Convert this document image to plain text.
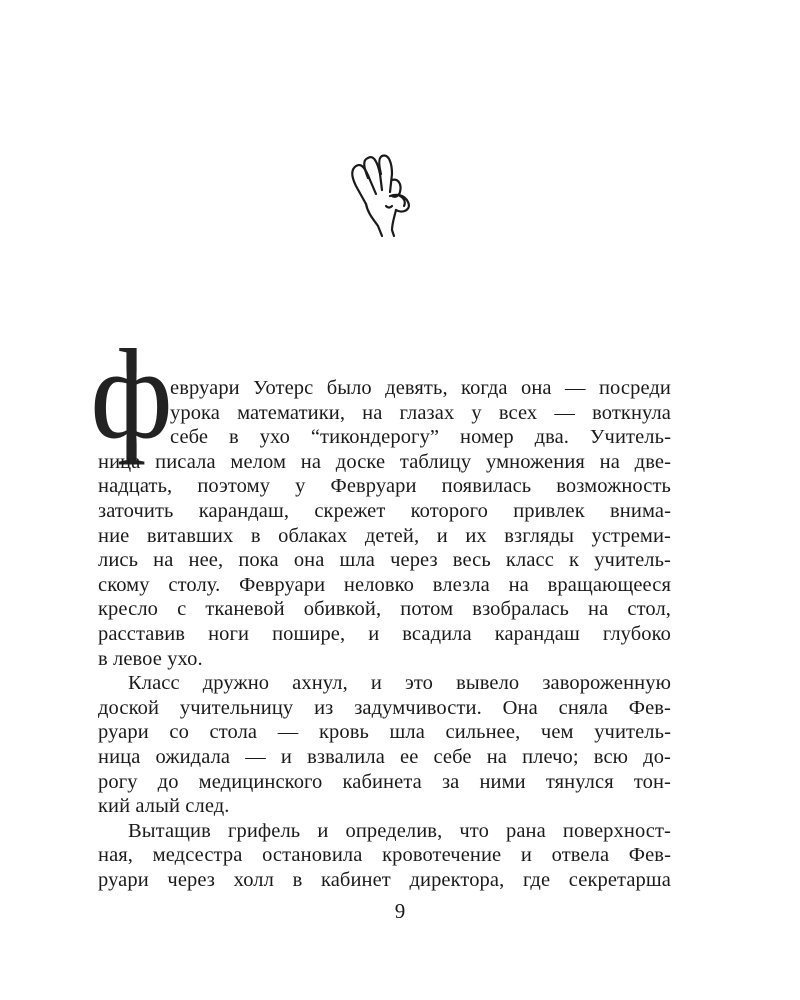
ф
евруари Уотерс было девять, когда она — посреди
урока математики, на глазах у всех — воткнула
себе в ухо “тикондерогу” номер два. Учитель-
ница писала мелом на доске таблицу умножения на две-
надцать, поэтому у Февруари появилась возможность
заточить карандаш, скрежет которого привлек внима-
ние витавших в облаках детей, и их взгляды устреми-
лись на нее, пока она шла через весь класс к учитель-
скому столу. Февруари неловко влезла на вращающееся
кресло с тканевой обивкой, потом взобралась на стол,
расставив ноги пошире, и всадила карандаш глубоко
в левое ухо.
Класс дружно ахнул, и это вывело завороженную
доской учительницу из задумчивости. Она сняла Фев-
руари со стола — кровь шла сильнее, чем учитель-
ница ожидала — и взвалила ее себе на плечо; всю до-
рогу до медицинского кабинета за ними тянулся тон-
кий алый след.
Вытащив грифель и определив, что рана поверхност-
ная, медсестра остановила кровотечение и отвела Фев-
руари через холл в кабинет директора, где секретарша
9
